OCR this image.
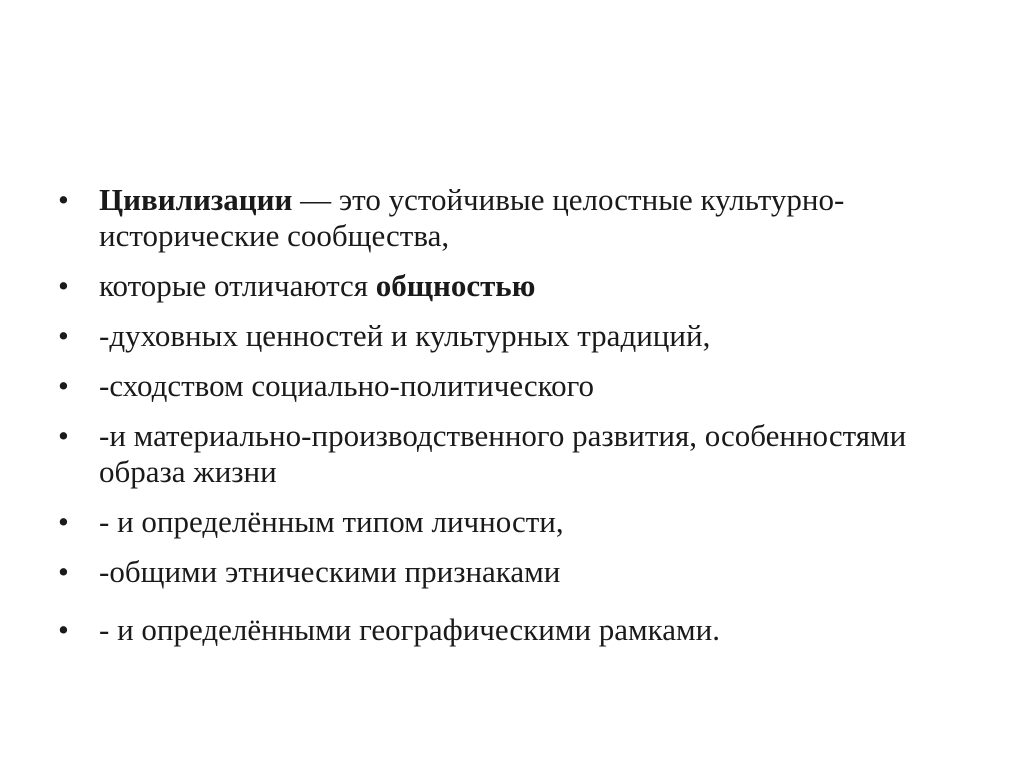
• Цивилизации — это устойчивые целостные культурно-исторические сообщества,
• которые отличаются общностью
• -духовных ценностей и культурных традиций,
• -сходством социально-политического
• -и материально-производственного развития, особенностями образа жизни
• - и определённым типом личности,
• -общими этническими признаками
• - и определёнными географическими рамками.
